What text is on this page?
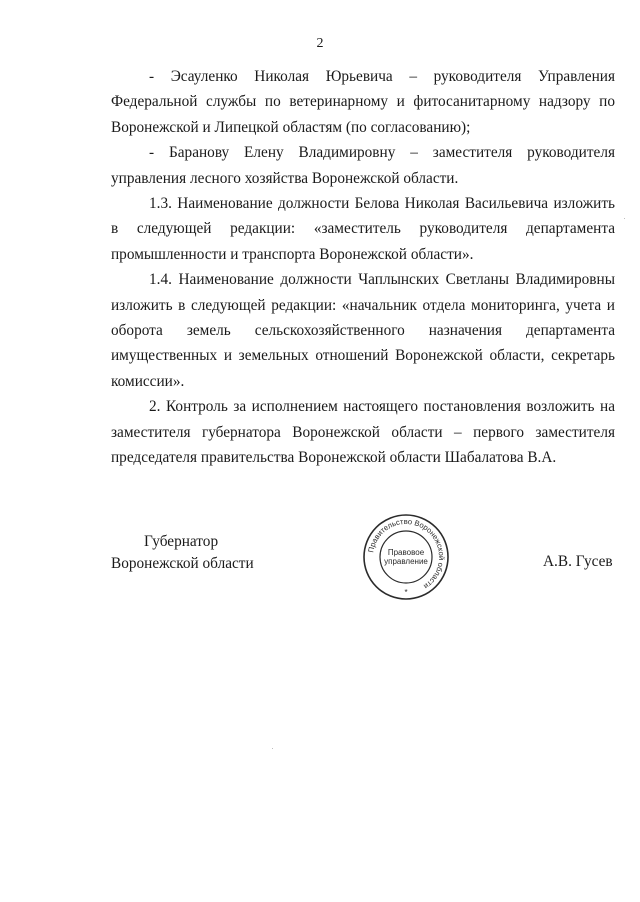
2

- Эсауленко Николая Юрьевича – руководителя Управления Федеральной службы по ветеринарному и фитосанитарному надзору по Воронежской и Липецкой областям (по согласованию);

- Баранову Елену Владимировну – заместителя руководителя управления лесного хозяйства Воронежской области.

1.3. Наименование должности Белова Николая Васильевича изложить в следующей редакции: «заместитель руководителя департамента промышленности и транспорта Воронежской области».

1.4. Наименование должности Чаплынских Светланы Владимировны изложить в следующей редакции: «начальник отдела мониторинга, учета и оборота земель сельскохозяйственного назначения департамента имущественных и земельных отношений Воронежской области, секретарь комиссии».

2. Контроль за исполнением настоящего постановления возложить на заместителя губернатора Воронежской области – первого заместителя председателя правительства Воронежской области Шабалатова В.А.

Губернатор
Воронежской области
Правительство Воронежской области
Правовое
управление
*
А.В. Гусев
